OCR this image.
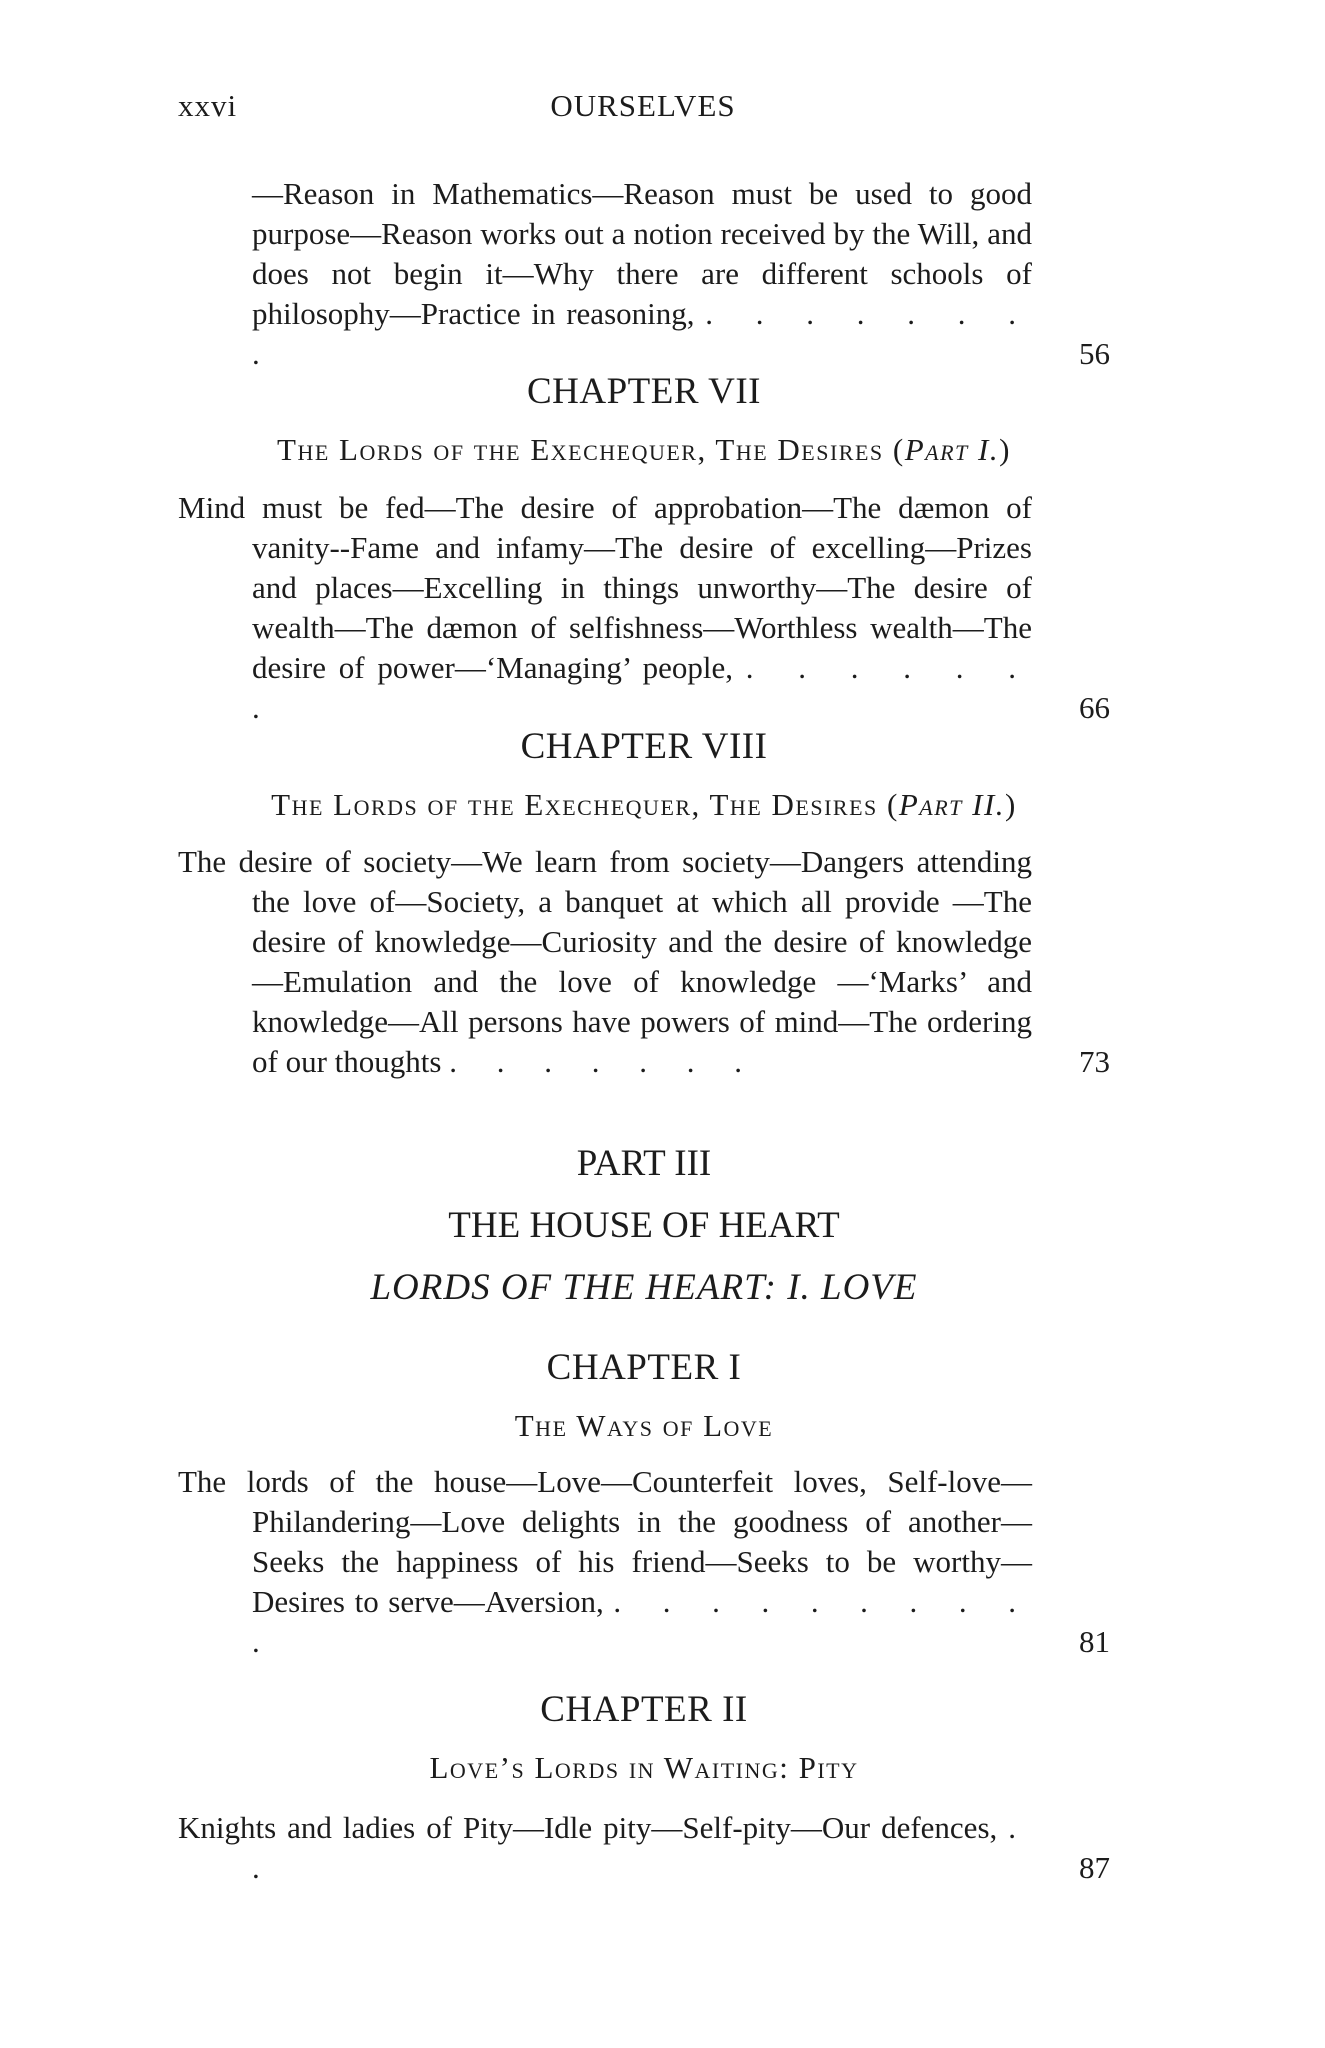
xxvi	OURSELVES
—Reason in Mathematics—Reason must be used to good purpose—Reason works out a notion received by the Will, and does not begin it—Why there are different schools of philosophy—Practice in reasoning, . . . . . . . .	56
CHAPTER VII
The Lords of the Exechequer, The Desires (Part I.)
Mind must be fed—The desire of approbation—The dæmon of vanity--Fame and infamy—The desire of excelling—Prizes and places—Excelling in things unworthy—The desire of wealth—The dæmon of selfishness—Worthless wealth—The desire of power—‘Managing’ people, . . . . . . .	66
CHAPTER VIII
The Lords of the Exechequer, The Desires (Part II.)
The desire of society—We learn from society—Dangers attending the love of—Society, a banquet at which all provide —The desire of knowledge—Curiosity and the desire of knowledge—Emulation and the love of knowledge —‘Marks’ and knowledge—All persons have powers of mind—The ordering of our thoughts . . . . . . .	73
PART III
THE HOUSE OF HEART
LORDS OF THE HEART: I. LOVE
CHAPTER I
The Ways of Love
The lords of the house—Love—Counterfeit loves, Self-love—Philandering—Love delights in the goodness of another—Seeks the happiness of his friend—Seeks to be worthy—Desires to serve—Aversion, . . . . . . . . . .	81
CHAPTER II
Love’s Lords in Waiting: Pity
Knights and ladies of Pity—Idle pity—Self-pity—Our defences, . .	87
